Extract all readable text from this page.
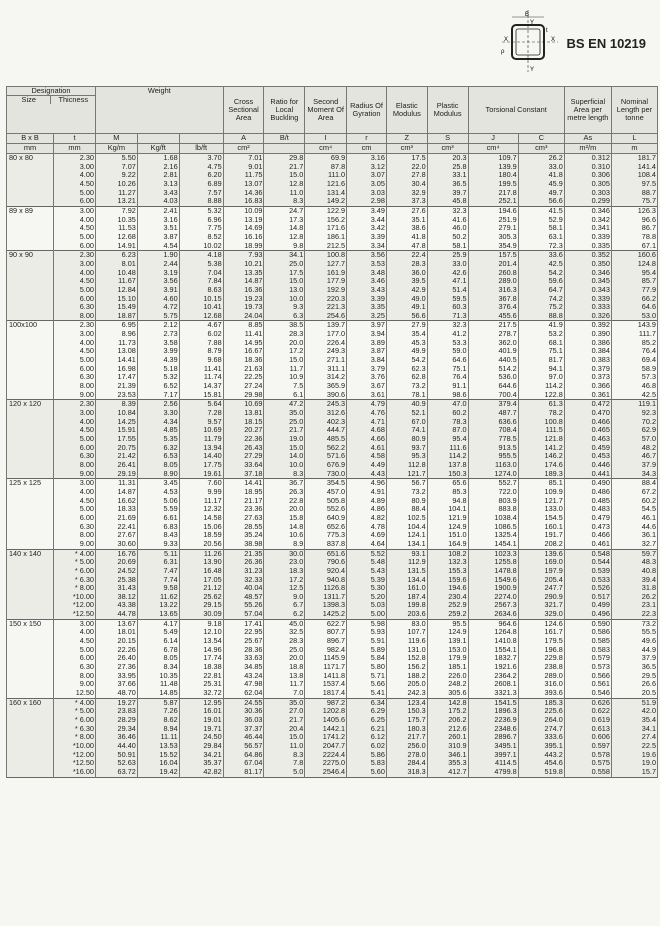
B
Y
X	X
Y
t
ρ
BS EN 10219
Designation
Size Thiсness		Weight			Cross Sectional Area	Ratio for Local Buckling	Second Moment Of Area	Radius Of Gyration	Elastic Modulus	Plastic Modulus	Torsional Constant		Superficial Area per metre length	Nominal Length per tonne
B x B	t	M			A	B/t	I	r	Z	S	J	C	As	L
mm	mm	Kg/m	Kg/ft	lb/ft	cm²		cm⁴	cm	cm³	cm³	cm⁴	cm³	m²/m	m
80 x 80	2.30	5.50	1.68	3.70	7.01	29.8	69.9	3.16	17.5	20.3	109.7	26.2	0.312	181.7
	3.00	7.07	2.16	4.75	9.01	21.7	87.8	3.12	22.0	25.8	139.9	33.0	0.310	141.4
	4.00	9.22	2.81	6.20	11.75	15.0	111.0	3.07	27.8	33.1	180.4	41.8	0.306	108.4
	4.50	10.26	3.13	6.89	13.07	12.8	121.6	3.05	30.4	36.5	199.5	45.9	0.305	97.5
	5.00	11.27	3.43	7.57	14.36	11.0	131.4	3.03	32.9	39.7	217.8	49.7	0.303	88.7
	6.00	13.21	4.03	8.88	16.83	8.3	149.2	2.98	37.3	45.8	252.1	56.6	0.299	75.7
89 x 89	3.00	7.92	2.41	5.32	10.09	24.7	122.9	3.49	27.6	32.3	194.6	41.5	0.346	126.3
	4.00	10.35	3.16	6.96	13.19	17.3	156.2	3.44	35.1	41.6	251.9	52.9	0.342	96.6
	4.50	11.53	3.51	7.75	14.69	14.8	171.6	3.42	38.6	46.0	279.1	58.1	0.341	86.7
	5.00	12.68	3.87	8.52	16.16	12.8	186.1	3.39	41.8	50.2	305.3	63.1	0.339	78.8
	6.00	14.91	4.54	10.02	18.99	9.8	212.5	3.34	47.8	58.1	354.9	72.3	0.335	67.1
90 x 90	2.30	6.23	1.90	4.18	7.93	34.1	100.8	3.56	22.4	25.9	157.5	33.6	0.352	160.6
	3.00	8.01	2.44	5.38	10.21	25.0	127.7	3.53	28.3	33.0	201.4	42.5	0.350	124.8
	4.00	10.48	3.19	7.04	13.35	17.5	161.9	3.48	36.0	42.6	260.8	54.2	0.346	95.4
	4.50	11.67	3.56	7.84	14.87	15.0	177.9	3.46	39.5	47.1	289.0	59.6	0.345	85.7
	5.00	12.84	3.91	8.63	16.36	13.0	192.9	3.43	42.9	51.4	316.3	64.7	0.343	77.9
	6.00	15.10	4.60	10.15	19.23	10.0	220.3	3.39	49.0	59.5	367.8	74.2	0.339	66.2
	6.30	15.49	4.72	10.41	19.73	9.3	221.3	3.35	49.1	60.3	376.4	75.2	0.333	64.6
	8.00	18.87	5.75	12.68	24.04	6.3	254.6	3.25	56.6	71.3	455.6	88.8	0.326	53.0
100x100	2.30	6.95	2.12	4.67	8.85	38.5	139.7	3.97	27.9	32.3	217.5	41.9	0.392	143.9
	3.00	8.96	2.73	6.02	11.41	28.3	177.0	3.94	35.4	41.2	278.7	53.2	0.390	111.7
	4.00	11.73	3.58	7.88	14.95	20.0	226.4	3.89	45.3	53.3	362.0	68.1	0.386	85.2
	4.50	13.08	3.99	8.79	16.67	17.2	249.3	3.87	49.9	59.0	401.9	75.1	0.384	76.4
	5.00	14.41	4.39	9.68	18.36	15.0	271.1	3.84	54.2	64.6	440.5	81.7	0.383	69.4
	6.00	16.98	5.18	11.41	21.63	11.7	311.1	3.79	62.3	75.1	514.2	94.1	0.379	58.9
	6.30	17.47	5.32	11.74	22.25	10.9	314.2	3.76	62.8	76.4	536.0	97.0	0.373	57.3
	8.00	21.39	6.52	14.37	27.24	7.5	365.9	3.67	73.2	91.1	644.6	114.2	0.366	46.8
	9.00	23.53	7.17	15.81	29.98	6.1	390.6	3.61	78.1	98.6	700.4	122.8	0.361	42.5
120 x 120	2.30	8.39	2.56	5.64	10.69	47.2	245.3	4.79	40.9	47.0	379.4	61.3	0.472	119.1
	3.00	10.84	3.30	7.28	13.81	35.0	312.6	4.76	52.1	60.2	487.7	78.2	0.470	92.3
	4.00	14.25	4.34	9.57	18.15	25.0	402.3	4.71	67.0	78.3	636.6	100.8	0.466	70.2
	4.50	15.91	4.85	10.69	20.27	21.7	444.7	4.68	74.1	87.0	708.4	111.5	0.465	62.9
	5.00	17.55	5.35	11.79	22.36	19.0	485.5	4.66	80.9	95.4	778.5	121.8	0.463	57.0
	6.00	20.75	6.32	13.94	26.43	15.0	562.2	4.61	93.7	111.6	913.5	141.2	0.459	48.2
	6.30	21.42	6.53	14.40	27.29	14.0	571.6	4.58	95.3	114.2	955.5	146.2	0.453	46.7
	8.00	26.41	8.05	17.75	33.64	10.0	676.9	4.49	112.8	137.8	1163.0	174.6	0.446	37.9
	9.00	29.19	8.90	19.61	37.18	8.3	730.0	4.43	121.7	150.3	1274.0	189.3	0.441	34.3
125 x 125	3.00	11.31	3.45	7.60	14.41	36.7	354.5	4.96	56.7	65.6	552.7	85.1	0.490	88.4
	4.00	14.87	4.53	9.99	18.95	26.3	457.0	4.91	73.2	85.3	722.0	109.9	0.486	67.2
	4.50	16.62	5.06	11.17	21.17	22.8	505.8	4.89	80.9	94.8	803.9	121.7	0.485	60.2
	5.00	18.33	5.59	12.32	23.36	20.0	552.6	4.86	88.4	104.1	883.8	133.0	0.483	54.5
	6.00	21.69	6.61	14.58	27.63	15.8	640.9	4.82	102.5	121.9	1038.4	154.5	0.479	46.1
	6.30	22.41	6.83	15.06	28.55	14.8	652.6	4.78	104.4	124.9	1086.5	160.1	0.473	44.6
	8.00	27.67	8.43	18.59	35.24	10.6	775.3	4.69	124.1	151.0	1325.4	191.7	0.466	36.1
	9.00	30.60	9.33	20.56	38.98	8.9	837.8	4.64	134.1	164.9	1454.1	208.2	0.461	32.7
140 x 140	* 4.00	16.76	5.11	11.26	21.35	30.0	651.6	5.52	93.1	108.2	1023.3	139.6	0.548	59.7
	* 5.00	20.69	6.31	13.90	26.36	23.0	790.6	5.48	112.9	132.3	1255.8	169.0	0.544	48.3
	* 6.00	24.52	7.47	16.48	31.23	18.3	920.4	5.43	131.5	155.3	1478.8	197.9	0.539	40.8
	* 6.30	25.38	7.74	17.05	32.33	17.2	940.8	5.39	134.4	159.6	1549.6	205.4	0.533	39.4
	* 8.00	31.43	9.58	21.12	40.04	12.5	1126.8	5.30	161.0	194.6	1900.9	247.7	0.526	31.8
	*10.00	38.12	11.62	25.62	48.57	9.0	1311.7	5.20	187.4	230.4	2274.0	290.9	0.517	26.2
	*12.00	43.38	13.22	29.15	55.26	6.7	1398.3	5.03	199.8	252.9	2567.3	321.7	0.499	23.1
	*12.50	44.78	13.65	30.09	57.04	6.2	1425.2	5.00	203.6	259.2	2634.6	329.0	0.496	22.3
150 x 150	3.00	13.67	4.17	9.18	17.41	45.0	622.7	5.98	83.0	95.5	964.6	124.6	0.590	73.2
	4.00	18.01	5.49	12.10	22.95	32.5	807.7	5.93	107.7	124.9	1264.8	161.7	0.586	55.5
	4.50	20.15	6.14	13.54	25.67	28.3	896.7	5.91	119.6	139.1	1410.8	179.5	0.585	49.6
	5.00	22.26	6.78	14.96	28.36	25.0	982.4	5.89	131.0	153.0	1554.1	196.8	0.583	44.9
	6.00	26.40	8.05	17.74	33.63	20.0	1145.9	5.84	152.8	179.9	1832.7	229.8	0.579	37.9
	6.30	27.36	8.34	18.38	34.85	18.8	1171.7	5.80	156.2	185.1	1921.6	238.8	0.573	36.5
	8.00	33.95	10.35	22.81	43.24	13.8	1411.8	5.71	188.2	226.0	2364.2	289.0	0.566	29.5
	9.00	37.66	11.48	25.31	47.98	11.7	1537.4	5.66	205.0	248.2	2608.1	316.0	0.561	26.6
	12.50	48.70	14.85	32.72	62.04	7.0	1817.4	5.41	242.3	305.6	3321.3	393.6	0.546	20.5
160 x 160	* 4.00	19.27	5.87	12.95	24.55	35.0	987.2	6.34	123.4	142.8	1541.5	185.3	0.626	51.9
	* 5.00	23.83	7.26	16.01	30.36	27.0	1202.8	6.29	150.3	175.2	1896.3	225.6	0.622	42.0
	* 6.00	28.29	8.62	19.01	36.03	21.7	1405.6	6.25	175.7	206.2	2236.9	264.0	0.619	35.4
	* 6.30	29.34	8.94	19.71	37.37	20.4	1442.1	6.21	180.3	212.6	2348.6	274.7	0.613	34.1
	* 8.00	36.46	11.11	24.50	46.44	15.0	1741.2	6.12	217.7	260.1	2896.7	333.6	0.606	27.4
	*10.00	44.40	13.53	29.84	56.57	11.0	2047.7	6.02	256.0	310.9	3495.1	395.1	0.597	22.5
	*12.00	50.91	15.52	34.21	64.86	8.3	2224.4	5.86	278.0	346.1	3997.1	443.2	0.578	19.6
	*12.50	52.63	16.04	35.37	67.04	7.8	2275.0	5.83	284.4	355.3	4114.5	454.6	0.575	19.0
	*16.00	63.72	19.42	42.82	81.17	5.0	2546.4	5.60	318.3	412.7	4799.8	519.8	0.558	15.7
